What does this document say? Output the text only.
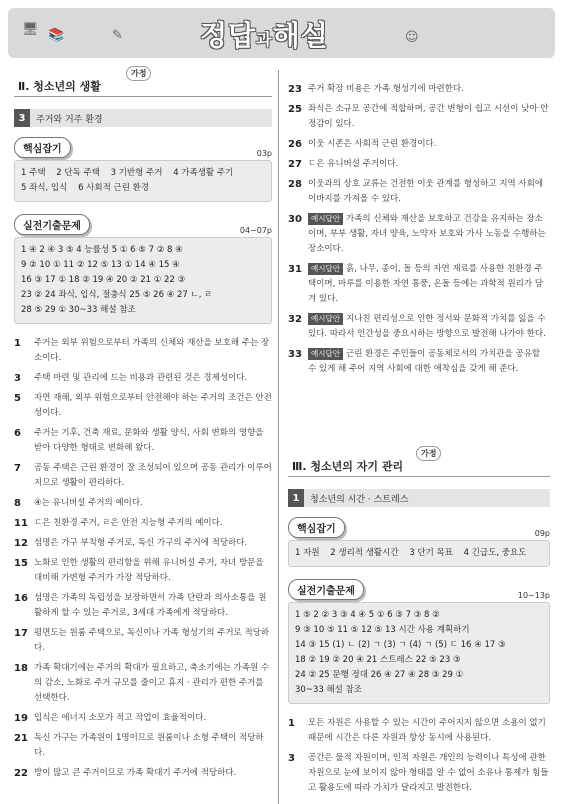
🖥 📚	✎	정답과해설	☺
Ⅱ. 청소년의 생활
가정
3	주거와 거주 환경
핵심잡기	03p
1 주택 2 단독 주택 3 기반형 주거 4 가족생활 주기
5 좌식, 입식 6 사회적 근린 환경
실전기출문제	04~07p
1 ④ 2 ④ 3 ⑤ 4 능률성 5 ① 6 ⑤ 7 ② 8 ④
9 ② 10 ① 11 ② 12 ⑤ 13 ① 14 ④ 15 ④
16 ③ 17 ① 18 ② 19 ④ 20 ② 21 ① 22 ③
23 ② 24 좌식, 입식, 절충식 25 ⑤ 26 ④ 27 ㄴ, ㄹ
28 ⑤ 29 ① 30~33 해설 참조
1	주거는 외부 위험으로부터 가족의 신체와 재산을 보호해 주는 장소이다.
3	주택 마련 및 관리에 드는 비용과 관련된 것은 경제성이다.
5	자연 재해, 외부 위험으로부터 안전해야 하는 주거의 조건은 안전성이다.
6	주거는 기후, 건축 재료, 문화와 생활 양식, 사회 변화의 영향을 받아 다양한 형태로 변화해 왔다.
7	공동 주택은 근린 환경이 잘 조성되어 있으며 공동 관리가 이루어지므로 생활이 편리하다.
8	④는 유니버설 주거의 예이다.
11 ㄷ은 친환경 주거, ㄹ은 안전 지능형 주거의 예이다.
12 섬명은 가구 부칙형 주거로, 독신 가구의 주거에 적당하다.
15 노화로 인한 생활의 편리함을 위해 유니버설 주거, 자녀 방문을 대비해 가변형 주거가 가장 적당하다.
16 섬명은 가족의 독립성을 보장하면서 가족 단란과 의사소통을 원활하게 할 수 있는 주거로, 3세대 가족에게 적당하다.
17 평면도는 원룸 주택으로, 독신이나 가족 형성기의 주거로 적당하다.
18 가족 확대기에는 주거의 확대가 필요하고, 축소기에는 가족원 수의 감소, 노화로 주거 규모를 줄이고 휴지 · 관리가 편한 주거를 선택한다.
19 입식은 에너지 소모가 적고 작업이 효율적이다.
21 독신 가구는 가족원이 1명이므로 원룸이나 소형 주택이 적당하다.
22 방이 많고 큰 주거이므로 가족 확대기 주거에 적당하다.
23 주거 확장 비용은 가족 형성기에 마련한다.
25 좌식은 소규모 공간에 적합하며, 공간 변형이 쉽고 시선이 낮아 안정감이 있다.
26 이웃 시존은 사회적 근린 환경이다.
27 ㄷ은 유니버설 주거이다.
28 이웃과의 상호 교류는 건전한 이웃 관계를 형성하고 지역 사회에 이바지를 가져올 수 있다.
30	예시답안 가족의 신체와 재산을 보호하고 건강을 유지하는 장소이며, 부부 생활, 자녀 양육, 노약자 보호와 가사 노동을 수행하는 장소이다.
31	예시답안 흙, 나무, 종이, 돌 등의 자연 재료를 사용한 친환경 주택이며, 마루를 이용한 자연 통풍, 온돌 등에는 과학적 원리가 담겨 있다.
32	예시답안 지나친 편리성으로 인한 정서와 문화적 가치를 잃을 수 있다. 따라서 인간성을 중요시하는 방향으로 발전해 나가야 한다.
33	예시답안 근린 환경은 주민들이 공동체로서의 가치관을 공유할 수 있게 해 주어 지역 사회에 대한 애착심을 갖게 해 준다.
Ⅲ. 청소년의 자기 관리
가정
1	청소년의 시간 · 스트레스
핵심잡기	09p
1 자원 2 생리적 생활시간 3 단기 목표 4 긴급도, 중요도
실전기출문제	10~13p
1 ⑤ 2 ② 3 ③ 4 ④ 5 ① 6 ③ 7 ③ 8 ②
9 ③ 10 ⑤ 11 ⑤ 12 ⑤ 13 시간 사용 계획하기
14 ③ 15 (1) ㄴ (2) ㄱ (3) ㄱ (4) ㄱ (5) ㄷ 16 ④ 17 ③
18 ② 19 ② 20 ④ 21 스트레스 22 ⑤ 23 ③
24 ② 25 문행 정대 26 ④ 27 ④ 28 ③ 29 ①
30~33 해설 참조
1	모든 자원은 사용할 수 있는 시간이 주어지지 않으면 소용이 없기 때문에 시간은 다른 자원과 항상 동시에 사용된다.
3	공간은 물적 자원이며, 인적 자원은 개인의 능력이나 특성에 관한 자원으로 눈에 보이지 않아 형태를 알 수 없어 소유나 통제가 힘들고 활용도에 따라 가치가 달라지고 발전한다.
